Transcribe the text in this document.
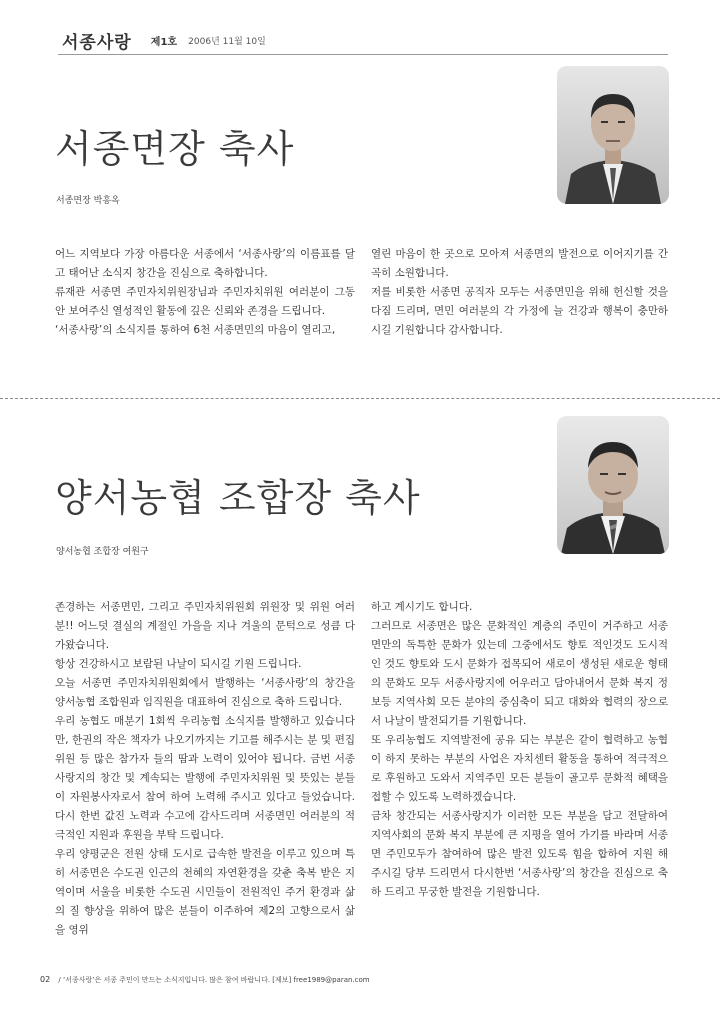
서종사랑 제1호 2006년 11월 10일
서종면장 축사
서종면장 박흥옥

어느 지역보다 가장 아름다운 서종에서 ‘서종사랑’의 이름표를 달고 태어난 소식지 창간을 진심으로 축하합니다.

류재관 서종면 주민자치위원장님과 주민자치위원 여러분이 그동안 보여주신 열성적인 활동에 깊은 신뢰와 존경을 드립니다.

‘서종사랑’의 소식지를 통하여 6천 서종면민의 마음이 열리고,

열린 마음이 한 곳으로 모아져 서종면의 발전으로 이어지기를 간곡히 소원합니다.

저를 비롯한 서종면 공직자 모두는 서종면민을 위해 헌신할 것을 다짐 드리며, 면민 여러분의 각 가정에 늘 건강과 행복이 충만하시길 기원합니다 감사합니다.

양서농협 조합장 축사
양서농협 조합장 여원구

존경하는 서종면민, 그리고 주민자치위원회 위원장 및 위원 여러분!! 어느덧 결실의 계절인 가을을 지나 겨울의 문턱으로 성큼 다가왔습니다.

항상 건강하시고 보람된 나날이 되시길 기원 드립니다.

오늘 서종면 주민자치위원회에서 발행하는 ‘서종사랑’의 창간을 양서농협 조합원과 임직원을 대표하여 진심으로 축하 드립니다.

우리 농협도 매분기 1회씩 우리농협 소식지를 발행하고 있습니다만, 한권의 작은 책자가 나오기까지는 기고를 해주시는 분 및 편집위원 등 많은 참가자 들의 땀과 노력이 있어야 됩니다. 금번 서종사랑지의 창간 및 계속되는 발행에 주민자치위원 및 뜻있는 분들이 자원봉사자로서 참여 하여 노력해 주시고 있다고 들었습니다. 다시 한번 값진 노력과 수고에 감사드리며 서종면민 여러분의 적극적인 지원과 후원을 부탁 드립니다.

우리 양평군은 전원 상태 도시로 급속한 발전을 이루고 있으며 특히 서종면은 수도권 인근의 천혜의 자연환경을 갖춘 축복 받은 지역이며 서울을 비롯한 수도권 시민들이 전원적인 주거 환경과 삶의 질 향상을 위하여 많은 분들이 이주하여 제2의 고향으로서 삶을 영위

하고 계시기도 합니다.

그러므로 서종면은 많은 문화적인 계층의 주민이 거주하고 서종면만의 독특한 문화가 있는데 그중에서도 향토 적인것도 도시적인 것도 향토와 도시 문화가 접목되어 새로이 생성된 새로운 형태의 문화도 모두 서종사랑지에 어우러고 담아내어서 문화 복지 정보등 지역사회 모든 분야의 중심축이 되고 대화와 협력의 장으로서 나날이 발전되기를 기원합니다.

또 우리농협도 지역발전에 공유 되는 부분은 같이 협력하고 농협이 하지 못하는 부분의 사업은 자치센터 활동을 통하여 적극적으로 후원하고 도와서 지역주민 모든 분들이 골고루 문화적 혜택을 접할 수 있도록 노력하겠습니다.

금차 창간되는 서종사랑지가 이러한 모든 부분을 담고 전달하여 지역사회의 문화 복지 부분에 큰 지평을 열어 가기를 바라며 서종면 주민모두가 참여하여 많은 발전 있도록 힘을 합하여 지원 해 주시길 당부 드리면서 다시한번 ‘서종사랑’의 창간을 진심으로 축하 드리고 무궁한 발전을 기원합니다.

02 / ‘서종사랑’은 서종 주민이 만드는 소식지입니다. 많은 참여 바랍니다. [제보] free1989@paran.com
